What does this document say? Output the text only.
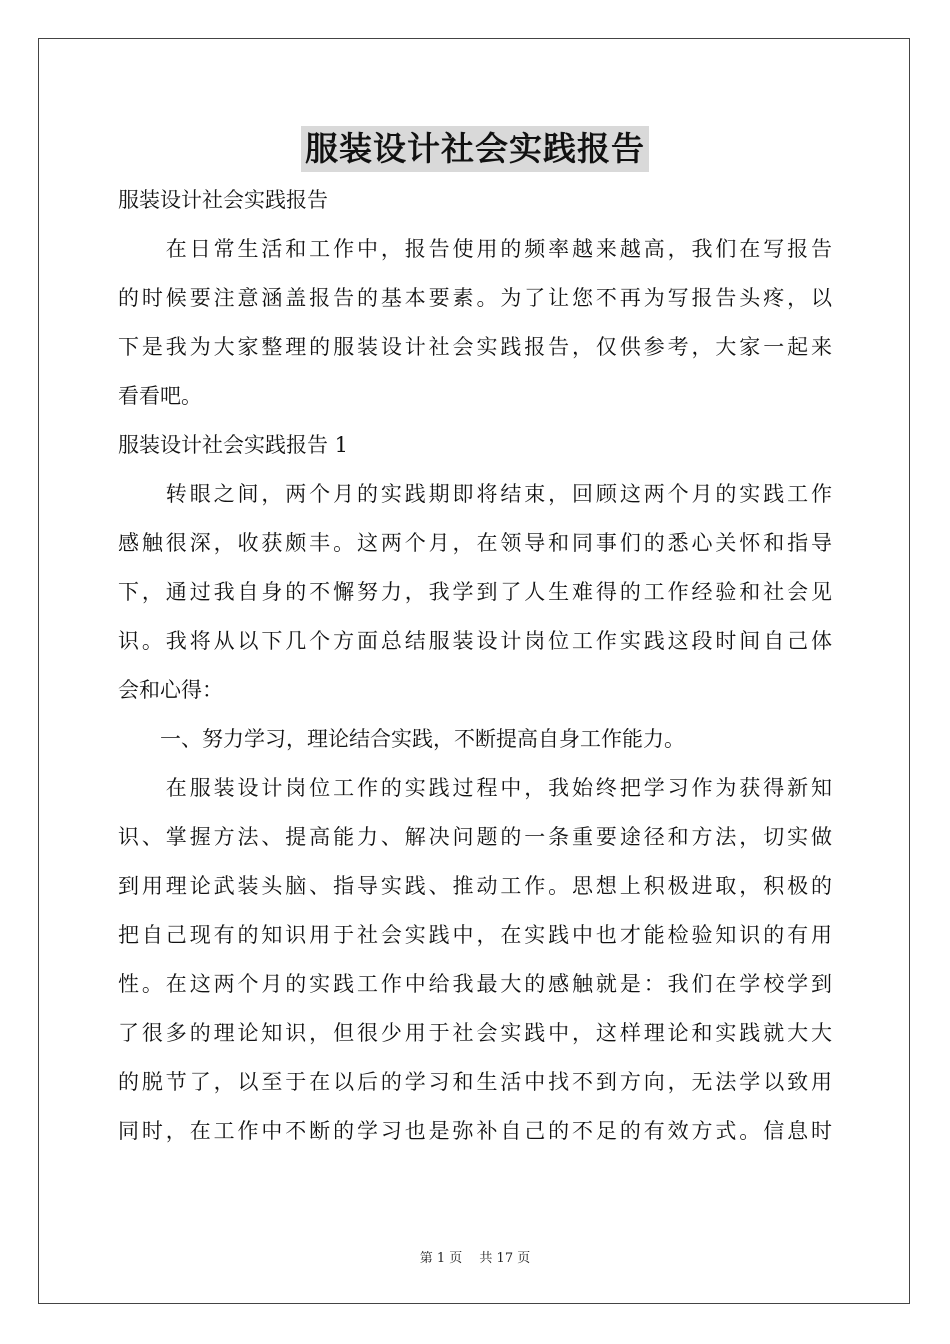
服装设计社会实践报告
服装设计社会实践报告
　　在日常生活和工作中，报告使用的频率越来越高，我们在写报告
的时候要注意涵盖报告的基本要素。为了让您不再为写报告头疼，以
下是我为大家整理的服装设计社会实践报告，仅供参考，大家一起来
看看吧。
服装设计社会实践报告 1
　　转眼之间，两个月的实践期即将结束，回顾这两个月的实践工作
感触很深，收获颇丰。这两个月，在领导和同事们的悉心关怀和指导
下，通过我自身的不懈努力，我学到了人生难得的工作经验和社会见
识。我将从以下几个方面总结服装设计岗位工作实践这段时间自己体
会和心得：
　　一、努力学习，理论结合实践，不断提高自身工作能力。
　　在服装设计岗位工作的实践过程中，我始终把学习作为获得新知
识、掌握方法、提高能力、解决问题的一条重要途径和方法，切实做
到用理论武装头脑、指导实践、推动工作。思想上积极进取，积极的
把自己现有的知识用于社会实践中，在实践中也才能检验知识的有用
性。在这两个月的实践工作中给我最大的感触就是：我们在学校学到
了很多的理论知识，但很少用于社会实践中，这样理论和实践就大大
的脱节了，以至于在以后的学习和生活中找不到方向，无法学以致用
同时，在工作中不断的学习也是弥补自己的不足的有效方式。信息时
第 1 页　 共 17 页
